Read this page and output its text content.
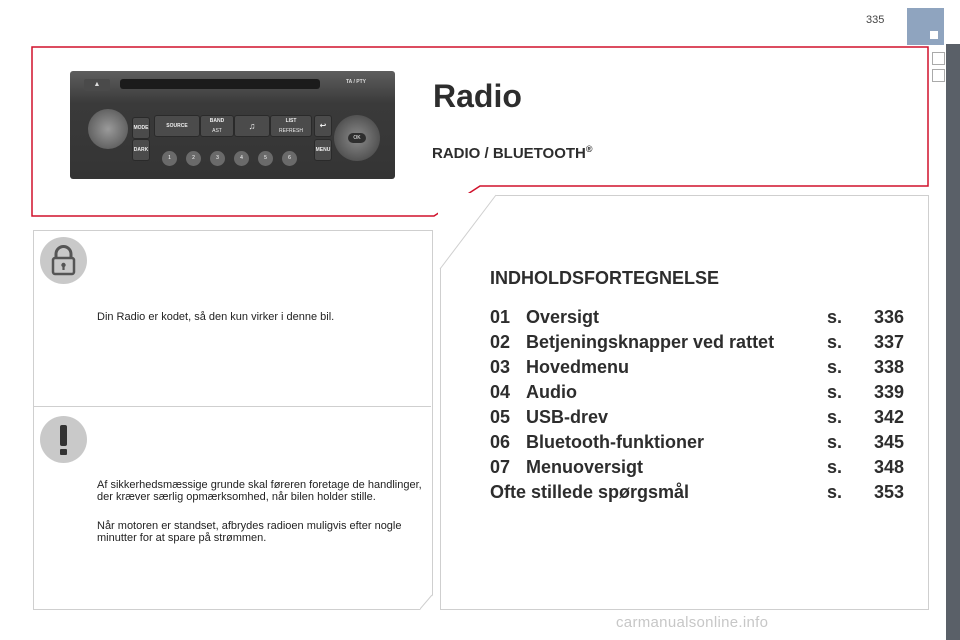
335
▲	TA / PTY
MODE
DARK
SOURCE
BAND
AST	♫	LIST
REFRESH
↩
MENU
OK
1	2	3	4	5	6
Radio
RADIO / BLUETOOTH®
Din Radio er kodet, så den kun virker i denne bil.
Af sikkerhedsmæssige grunde skal føreren foretage de handlinger, der kræver særlig opmærksomhed, når bilen holder stille.
Når motoren er standset, afbrydes radioen muligvis efter nogle minutter for at spare på strømmen.
INDHOLDSFORTEGNELSE
01 Oversigt	s. 336
02 Betjeningsknapper ved rattet	s. 337
03 Hovedmenu	s. 338
04 Audio	s. 339
05 USB-drev	s. 342
06 Bluetooth-funktioner	s. 345
07 Menuoversigt	s. 348
Ofte stillede spørgsmål	s. 353
carmanualsonline.info
